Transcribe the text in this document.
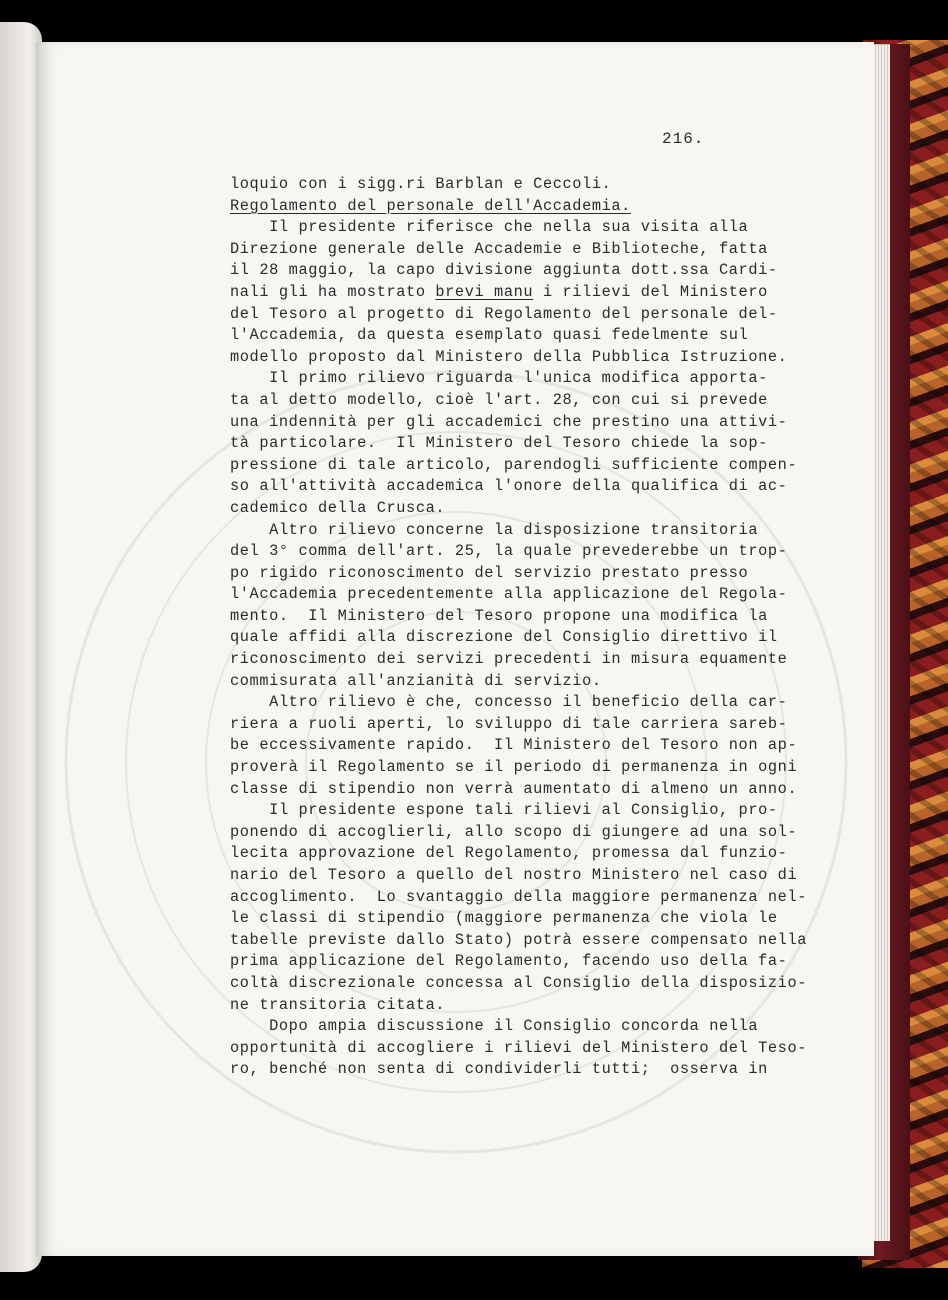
216.
loquio con i sigg.ri Barblan e Ceccoli.
Regolamento del personale dell'Accademia.
Il presidente riferisce che nella sua visita alla
Direzione generale delle Accademie e Biblioteche, fatta
il 28 maggio, la capo divisione aggiunta dott.ssa Cardi-
nali gli ha mostrato brevi manu i rilievi del Ministero
del Tesoro al progetto di Regolamento del personale del-
l'Accademia, da questa esemplato quasi fedelmente sul
modello proposto dal Ministero della Pubblica Istruzione.
Il primo rilievo riguarda l'unica modifica apporta-
ta al detto modello, cioè l'art. 28, con cui si prevede
una indennità per gli accademici che prestino una attivi-
tà particolare.  Il Ministero del Tesoro chiede la sop-
pressione di tale articolo, parendogli sufficiente compen-
so all'attività accademica l'onore della qualifica di ac-
cademico della Crusca.
Altro rilievo concerne la disposizione transitoria
del 3° comma dell'art. 25, la quale prevederebbe un trop-
po rigido riconoscimento del servizio prestato presso
l'Accademia precedentemente alla applicazione del Regola-
mento.  Il Ministero del Tesoro propone una modifica la
quale affidi alla discrezione del Consiglio direttivo il
riconoscimento dei servizi precedenti in misura equamente
commisurata all'anzianità di servizio.
Altro rilievo è che, concesso il beneficio della car-
riera a ruoli aperti, lo sviluppo di tale carriera sareb-
be eccessivamente rapido.  Il Ministero del Tesoro non ap-
proverà il Regolamento se il periodo di permanenza in ogni
classe di stipendio non verrà aumentato di almeno un anno.
Il presidente espone tali rilievi al Consiglio, pro-
ponendo di accoglierli, allo scopo di giungere ad una sol-
lecita approvazione del Regolamento, promessa dal funzio-
nario del Tesoro a quello del nostro Ministero nel caso di
accoglimento.  Lo svantaggio della maggiore permanenza nel-
le classi di stipendio (maggiore permanenza che viola le
tabelle previste dallo Stato) potrà essere compensato nella
prima applicazione del Regolamento, facendo uso della fa-
coltà discrezionale concessa al Consiglio della disposizio-
ne transitoria citata.
Dopo ampia discussione il Consiglio concorda nella
opportunità di accogliere i rilievi del Ministero del Teso-
ro, benché non senta di condividerli tutti;  osserva in
